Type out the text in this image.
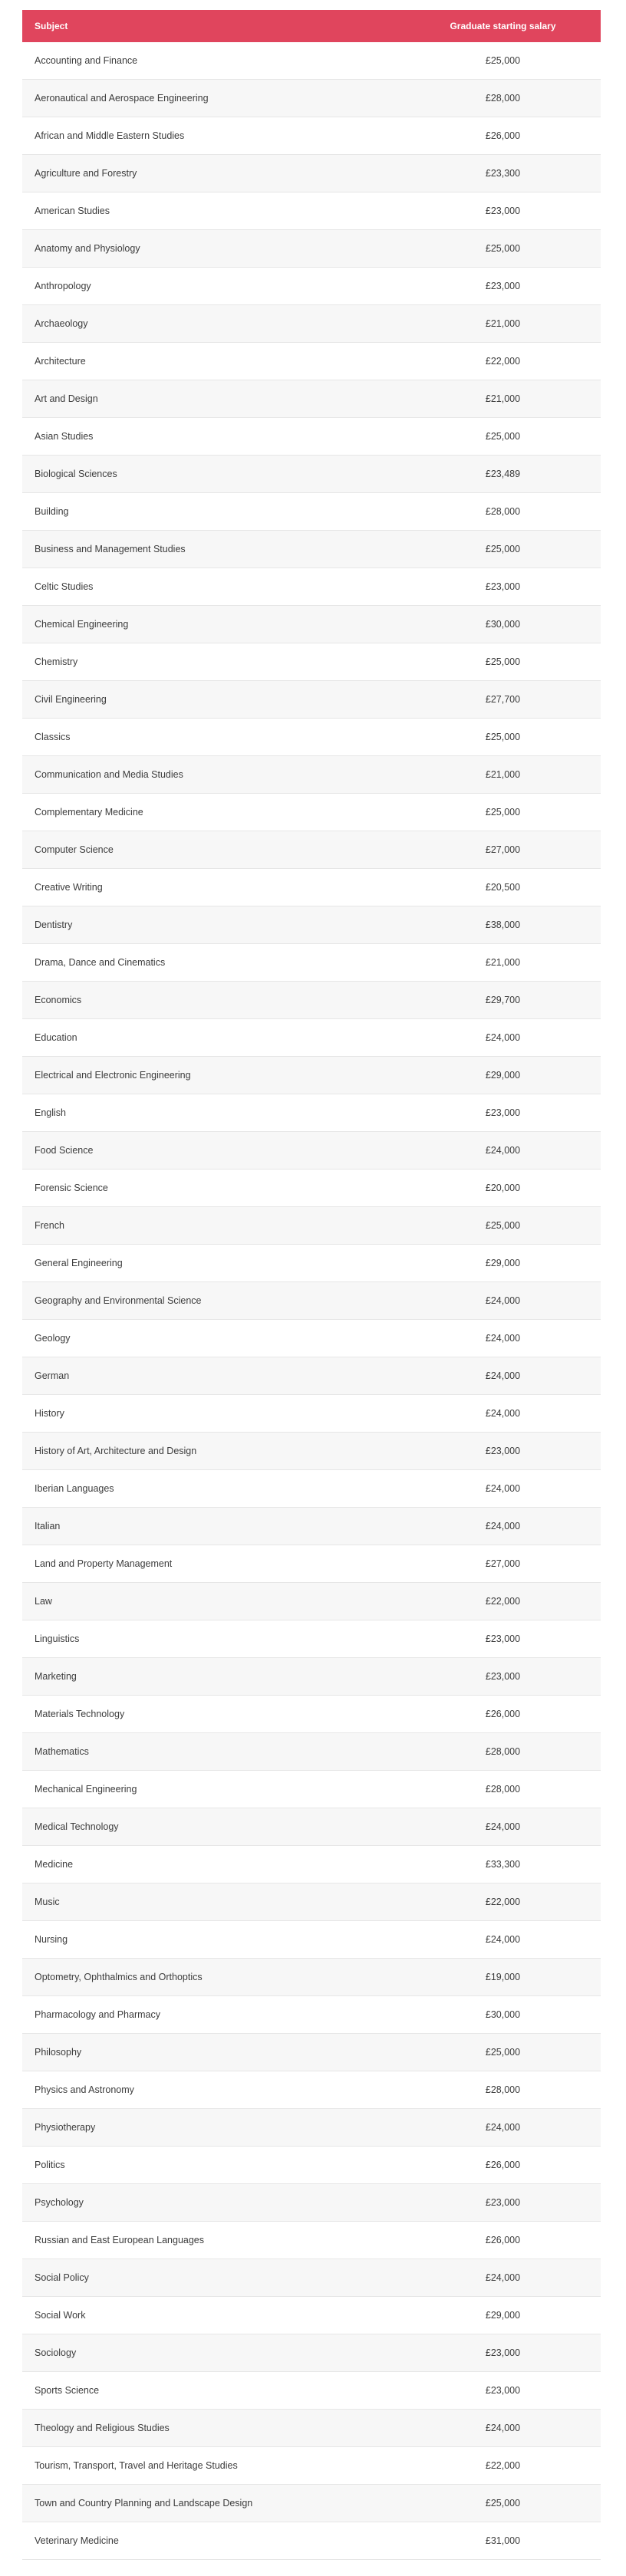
Subject	Graduate starting salary
Accounting and Finance	£25,000
Aeronautical and Aerospace Engineering	£28,000
African and Middle Eastern Studies	£26,000
Agriculture and Forestry	£23,300
American Studies	£23,000
Anatomy and Physiology	£25,000
Anthropology	£23,000
Archaeology	£21,000
Architecture	£22,000
Art and Design	£21,000
Asian Studies	£25,000
Biological Sciences	£23,489
Building	£28,000
Business and Management Studies	£25,000
Celtic Studies	£23,000
Chemical Engineering	£30,000
Chemistry	£25,000
Civil Engineering	£27,700
Classics	£25,000
Communication and Media Studies	£21,000
Complementary Medicine	£25,000
Computer Science	£27,000
Creative Writing	£20,500
Dentistry	£38,000
Drama, Dance and Cinematics	£21,000
Economics	£29,700
Education	£24,000
Electrical and Electronic Engineering	£29,000
English	£23,000
Food Science	£24,000
Forensic Science	£20,000
French	£25,000
General Engineering	£29,000
Geography and Environmental Science	£24,000
Geology	£24,000
German	£24,000
History	£24,000
History of Art, Architecture and Design	£23,000
Iberian Languages	£24,000
Italian	£24,000
Land and Property Management	£27,000
Law	£22,000
Linguistics	£23,000
Marketing	£23,000
Materials Technology	£26,000
Mathematics	£28,000
Mechanical Engineering	£28,000
Medical Technology	£24,000
Medicine	£33,300
Music	£22,000
Nursing	£24,000
Optometry, Ophthalmics and Orthoptics	£19,000
Pharmacology and Pharmacy	£30,000
Philosophy	£25,000
Physics and Astronomy	£28,000
Physiotherapy	£24,000
Politics	£26,000
Psychology	£23,000
Russian and East European Languages	£26,000
Social Policy	£24,000
Social Work	£29,000
Sociology	£23,000
Sports Science	£23,000
Theology and Religious Studies	£24,000
Tourism, Transport, Travel and Heritage Studies	£22,000
Town and Country Planning and Landscape Design	£25,000
Veterinary Medicine	£31,000
